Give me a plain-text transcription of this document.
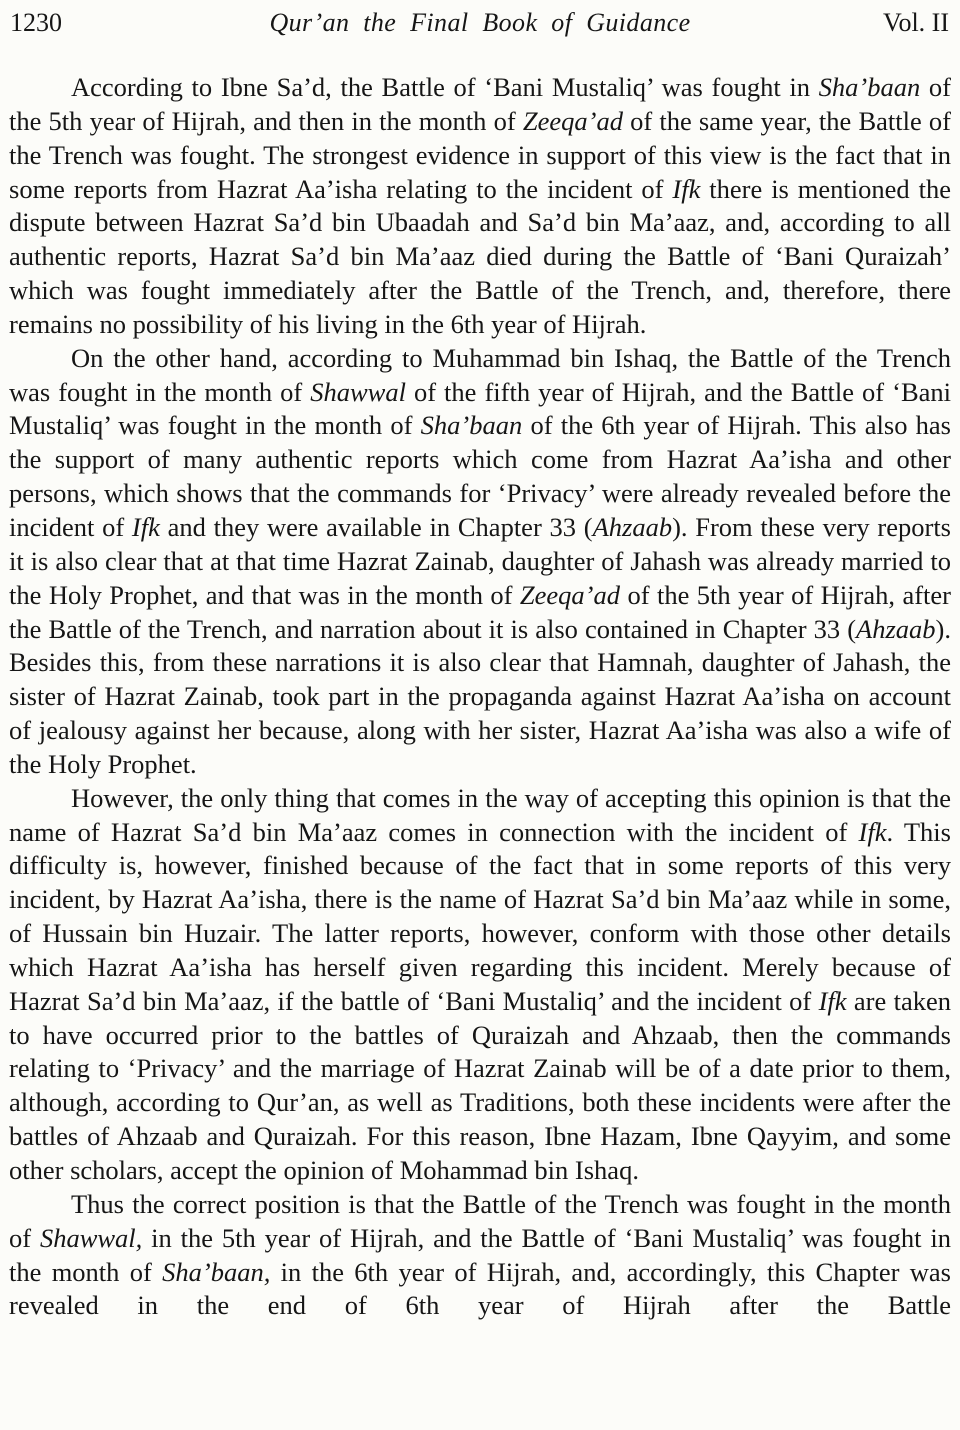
1230	Qur’an the Final Book of Guidance	Vol. II

According to Ibne Sa’d, the Battle of ‘Bani Mustaliq’ was fought in Sha’baan of the 5th year of Hijrah, and then in the month of Zeeqa’ad of the same year, the Battle of the Trench was fought. The strongest evidence in support of this view is the fact that in some reports from Hazrat Aa’isha relating to the incident of Ifk there is mentioned the dispute between Hazrat Sa’d bin Ubaadah and Sa’d bin Ma’aaz, and, according to all authentic reports, Hazrat Sa’d bin Ma’aaz died during the Battle of ‘Bani Quraizah’ which was fought immediately after the Battle of the Trench, and, therefore, there remains no possibility of his living in the 6th year of Hijrah.

On the other hand, according to Muhammad bin Ishaq, the Battle of the Trench was fought in the month of Shawwal of the fifth year of Hijrah, and the Battle of ‘Bani Mustaliq’ was fought in the month of Sha’baan of the 6th year of Hijrah. This also has the support of many authentic reports which come from Hazrat Aa’isha and other persons, which shows that the commands for ‘Privacy’ were already revealed before the incident of Ifk and they were available in Chapter 33 (Ahzaab). From these very reports it is also clear that at that time Hazrat Zainab, daughter of Jahash was already married to the Holy Prophet, and that was in the month of Zeeqa’ad of the 5th year of Hijrah, after the Battle of the Trench, and narration about it is also contained in Chapter 33 (Ahzaab). Besides this, from these narrations it is also clear that Hamnah, daughter of Jahash, the sister of Hazrat Zainab, took part in the propaganda against Hazrat Aa’isha on account of jealousy against her because, along with her sister, Hazrat Aa’isha was also a wife of the Holy Prophet.

However, the only thing that comes in the way of accepting this opinion is that the name of Hazrat Sa’d bin Ma’aaz comes in connection with the incident of Ifk. This difficulty is, however, finished because of the fact that in some reports of this very incident, by Hazrat Aa’isha, there is the name of Hazrat Sa’d bin Ma’aaz while in some, of Hussain bin Huzair. The latter reports, however, conform with those other details which Hazrat Aa’isha has herself given regarding this incident. Merely because of Hazrat Sa’d bin Ma’aaz, if the battle of ‘Bani Mustaliq’ and the incident of Ifk are taken to have occurred prior to the battles of Quraizah and Ahzaab, then the commands relating to ‘Privacy’ and the marriage of Hazrat Zainab will be of a date prior to them, although, according to Qur’an, as well as Traditions, both these incidents were after the battles of Ahzaab and Quraizah. For this reason, Ibne Hazam, Ibne Qayyim, and some other scholars, accept the opinion of Mohammad bin Ishaq.

Thus the correct position is that the Battle of the Trench was fought in the month of Shawwal, in the 5th year of Hijrah, and the Battle of ‘Bani Mustaliq’ was fought in the month of Sha’baan, in the 6th year of Hijrah, and, accordingly, this Chapter was revealed in the end of 6th year of Hijrah after the Battle
